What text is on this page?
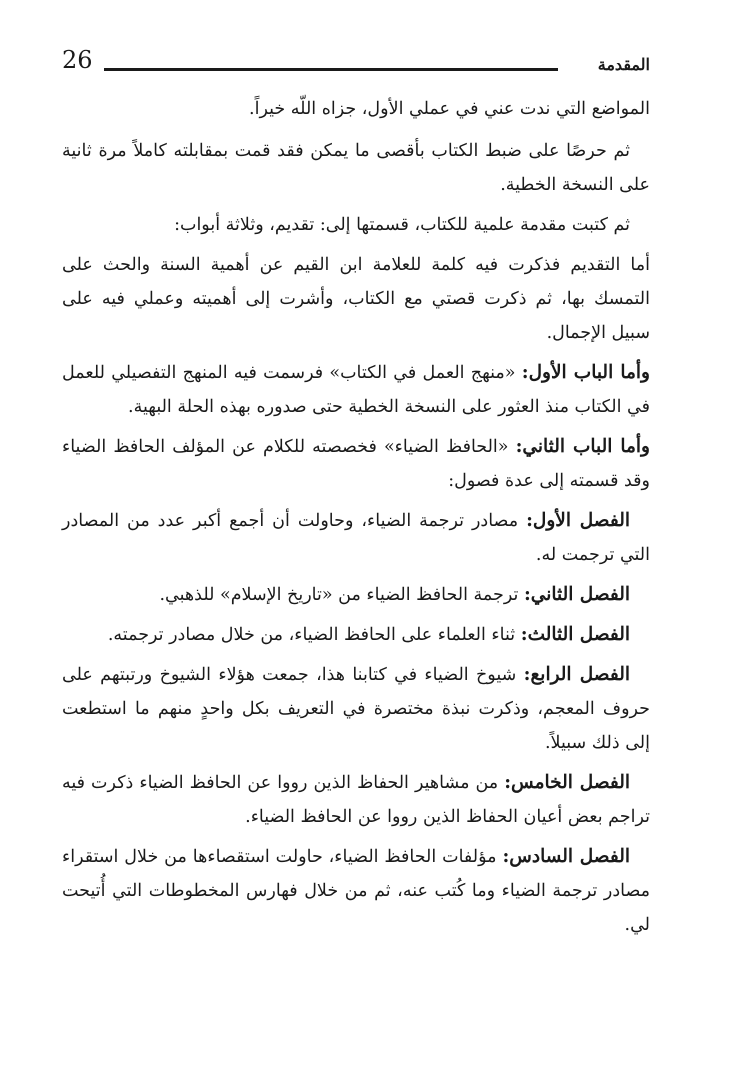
26	المقدمة

المواضع التي ندت عني في عملي الأول، جزاه اللّه خيراً.

ثم حرصًا على ضبط الكتاب بأقصى ما يمكن فقد قمت بمقابلته كاملاً مرة ثانية على النسخة الخطية.

ثم كتبت مقدمة علمية للكتاب، قسمتها إلى: تقديم، وثلاثة أبواب:

أما التقديم فذكرت فيه كلمة للعلامة ابن القيم عن أهمية السنة والحث على التمسك بها، ثم ذكرت قصتي مع الكتاب، وأشرت إلى أهميته وعملي فيه على سبيل الإجمال.

وأما الباب الأول: «منهج العمل في الكتاب» فرسمت فيه المنهج التفصيلي للعمل في الكتاب منذ العثور على النسخة الخطية حتى صدوره بهذه الحلة البهية.

وأما الباب الثاني: «الحافظ الضياء» فخصصته للكلام عن المؤلف الحافظ الضياء وقد قسمته إلى عدة فصول:

الفصل الأول: مصادر ترجمة الضياء، وحاولت أن أجمع أكبر عدد من المصادر التي ترجمت له.

الفصل الثاني: ترجمة الحافظ الضياء من «تاريخ الإسلام» للذهبي.

الفصل الثالث: ثناء العلماء على الحافظ الضياء، من خلال مصادر ترجمته.

الفصل الرابع: شيوخ الضياء في كتابنا هذا، جمعت هؤلاء الشيوخ ورتبتهم على حروف المعجم، وذكرت نبذة مختصرة في التعريف بكل واحدٍ منهم ما استطعت إلى ذلك سبيلاً.

الفصل الخامس: من مشاهير الحفاظ الذين رووا عن الحافظ الضياء ذكرت فيه تراجم بعض أعيان الحفاظ الذين رووا عن الحافظ الضياء.

الفصل السادس: مؤلفات الحافظ الضياء، حاولت استقصاءها من خلال استقراء مصادر ترجمة الضياء وما كُتب عنه، ثم من خلال فهارس المخطوطات التي أُتيحت لي.
